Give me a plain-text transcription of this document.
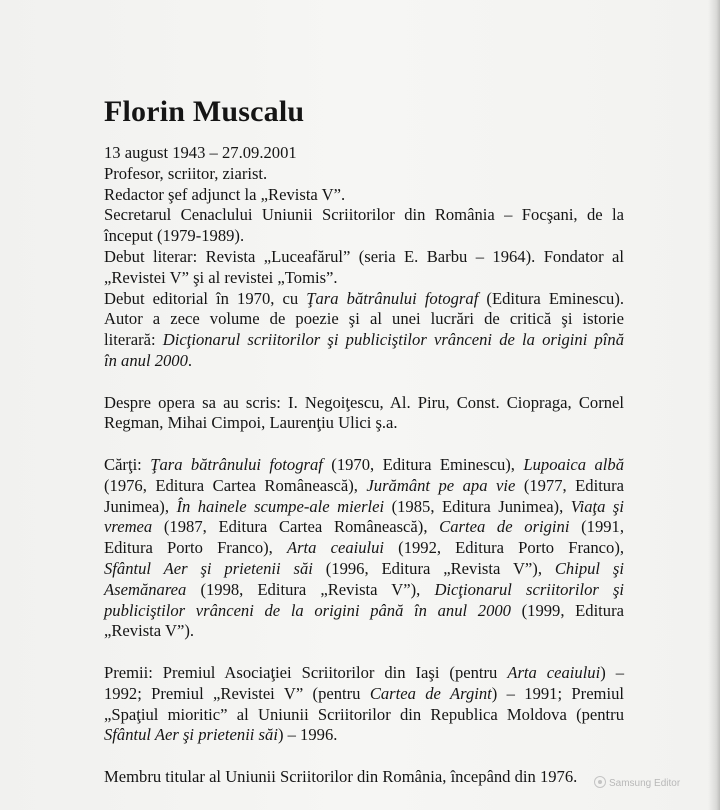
Florin Muscalu
13 august 1943 – 27.09.2001
Profesor, scriitor, ziarist.
Redactor şef adjunct la „Revista V”.
Secretarul Cenaclului Uniunii Scriitorilor din România – Focşani, de la
început (1979-1989).
Debut literar: Revista „Luceafărul” (seria E. Barbu – 1964). Fondator al
„Revistei V” şi al revistei „Tomis”.
Debut editorial în 1970, cu Ţara bătrânului fotograf (Editura Eminescu).
Autor a zece volume de poezie şi al unei lucrări de critică şi istorie
literară: Dicţionarul scriitorilor şi publiciştilor vrânceni de la origini pînă
în anul 2000.
Despre opera sa au scris: I. Negoiţescu, Al. Piru, Const. Ciopraga, Cornel
Regman, Mihai Cimpoi, Laurenţiu Ulici ş.a.
Cărţi: Ţara bătrânului fotograf (1970, Editura Eminescu), Lupoaica albă
(1976, Editura Cartea Românească), Jurământ pe apa vie (1977, Editura
Junimea), În hainele scumpe-ale mierlei (1985, Editura Junimea), Viaţa şi
vremea (1987, Editura Cartea Românească), Cartea de origini (1991,
Editura Porto Franco), Arta ceaiului (1992, Editura Porto Franco),
Sfântul Aer şi prietenii săi (1996, Editura „Revista V”), Chipul şi
Asemănarea (1998, Editura „Revista V”), Dicţionarul scriitorilor şi
publiciştilor vrânceni de la origini până în anul 2000 (1999, Editura
„Revista V”).
Premii: Premiul Asociaţiei Scriitorilor din Iaşi (pentru Arta ceaiului) –
1992; Premiul „Revistei V” (pentru Cartea de Argint) – 1991; Premiul
„Spaţiul mioritic” al Uniunii Scriitorilor din Republica Moldova (pentru
Sfântul Aer şi prietenii săi) – 1996.
Membru titular al Uniunii Scriitorilor din România, începând din 1976.	Samsung Editor
